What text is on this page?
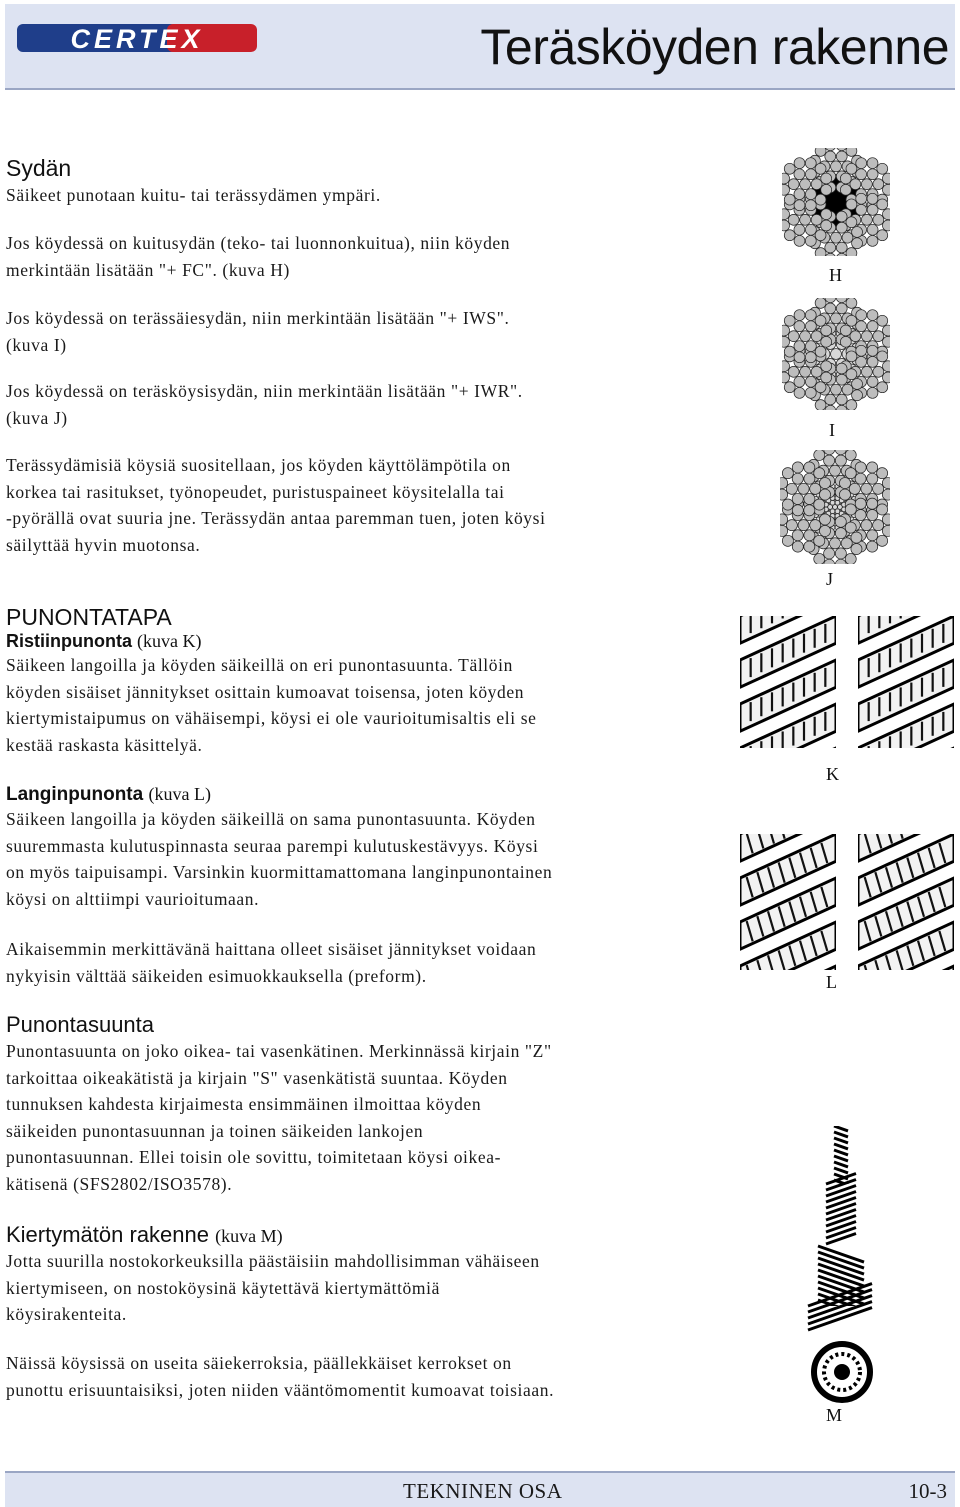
CERTEX	Teräsköyden rakenne
Sydän

Säikeet punotaan kuitu- tai terässydämen ympäri.

Jos köydessä on kuitusydän (teko- tai luonnonkuitua), niin köyden

merkintään lisätään "+ FC". (kuva H)

Jos köydessä on terässäiesydän, niin merkintään lisätään "+ IWS".

(kuva I)

Jos köydessä on teräsköysisydän, niin merkintään lisätään "+ IWR".

(kuva J)

Terässydämisiä köysiä suositellaan, jos köyden käyttölämpötila on

korkea tai rasitukset, työnopeudet, puristuspaineet köysitelalla tai

-pyörällä ovat suuria jne. Terässydän antaa paremman tuen, joten köysi

säilyttää hyvin muotonsa.

PUNONTATAPA
Ristiinpunonta (kuva K)

Säikeen langoilla ja köyden säikeillä on eri punontasuunta. Tällöin

köyden sisäiset jännitykset osittain kumoavat toisensa, joten köyden

kiertymistaipumus on vähäisempi, köysi ei ole vaurioitumisaltis eli se

kestää raskasta käsittelyä.

Langinpunonta (kuva L)

Säikeen langoilla ja köyden säikeillä on sama punontasuunta. Köyden

suuremmasta kulutuspinnasta seuraa parempi kulutuskestävyys. Köysi

on myös taipuisampi. Varsinkin kuormittamattomana langinpunontainen

köysi on alttiimpi vaurioitumaan.

Aikaisemmin merkittävänä haittana olleet sisäiset jännitykset voidaan

nykyisin välttää säikeiden esimuokkauksella (preform).

Punontasuunta

Punontasuunta on joko oikea- tai vasenkätinen. Merkinnässä kirjain "Z"

tarkoittaa oikeakätistä ja kirjain "S" vasenkätistä suuntaa. Köyden

tunnuksen kahdesta kirjaimesta ensimmäinen ilmoittaa köyden

säikeiden punontasuunnan ja toinen säikeiden lankojen

punontasuunnan. Ellei toisin ole sovittu, toimitetaan köysi oikea-

kätisenä (SFS2802/ISO3578).

Kiertymätön rakenne (kuva M)

Jotta suurilla nostokorkeuksilla päästäisiin mahdollisimman vähäiseen

kiertymiseen, on nostoköysinä käytettävä kiertymättömiä

köysirakenteita.

Näissä köysissä on useita säiekerroksia, päällekkäiset kerrokset on

punottu erisuuntaisiksi, joten niiden vääntömomentit kumoavat toisiaan.

H
I
J
K
L
M
TEKNINEN OSA	10-3
